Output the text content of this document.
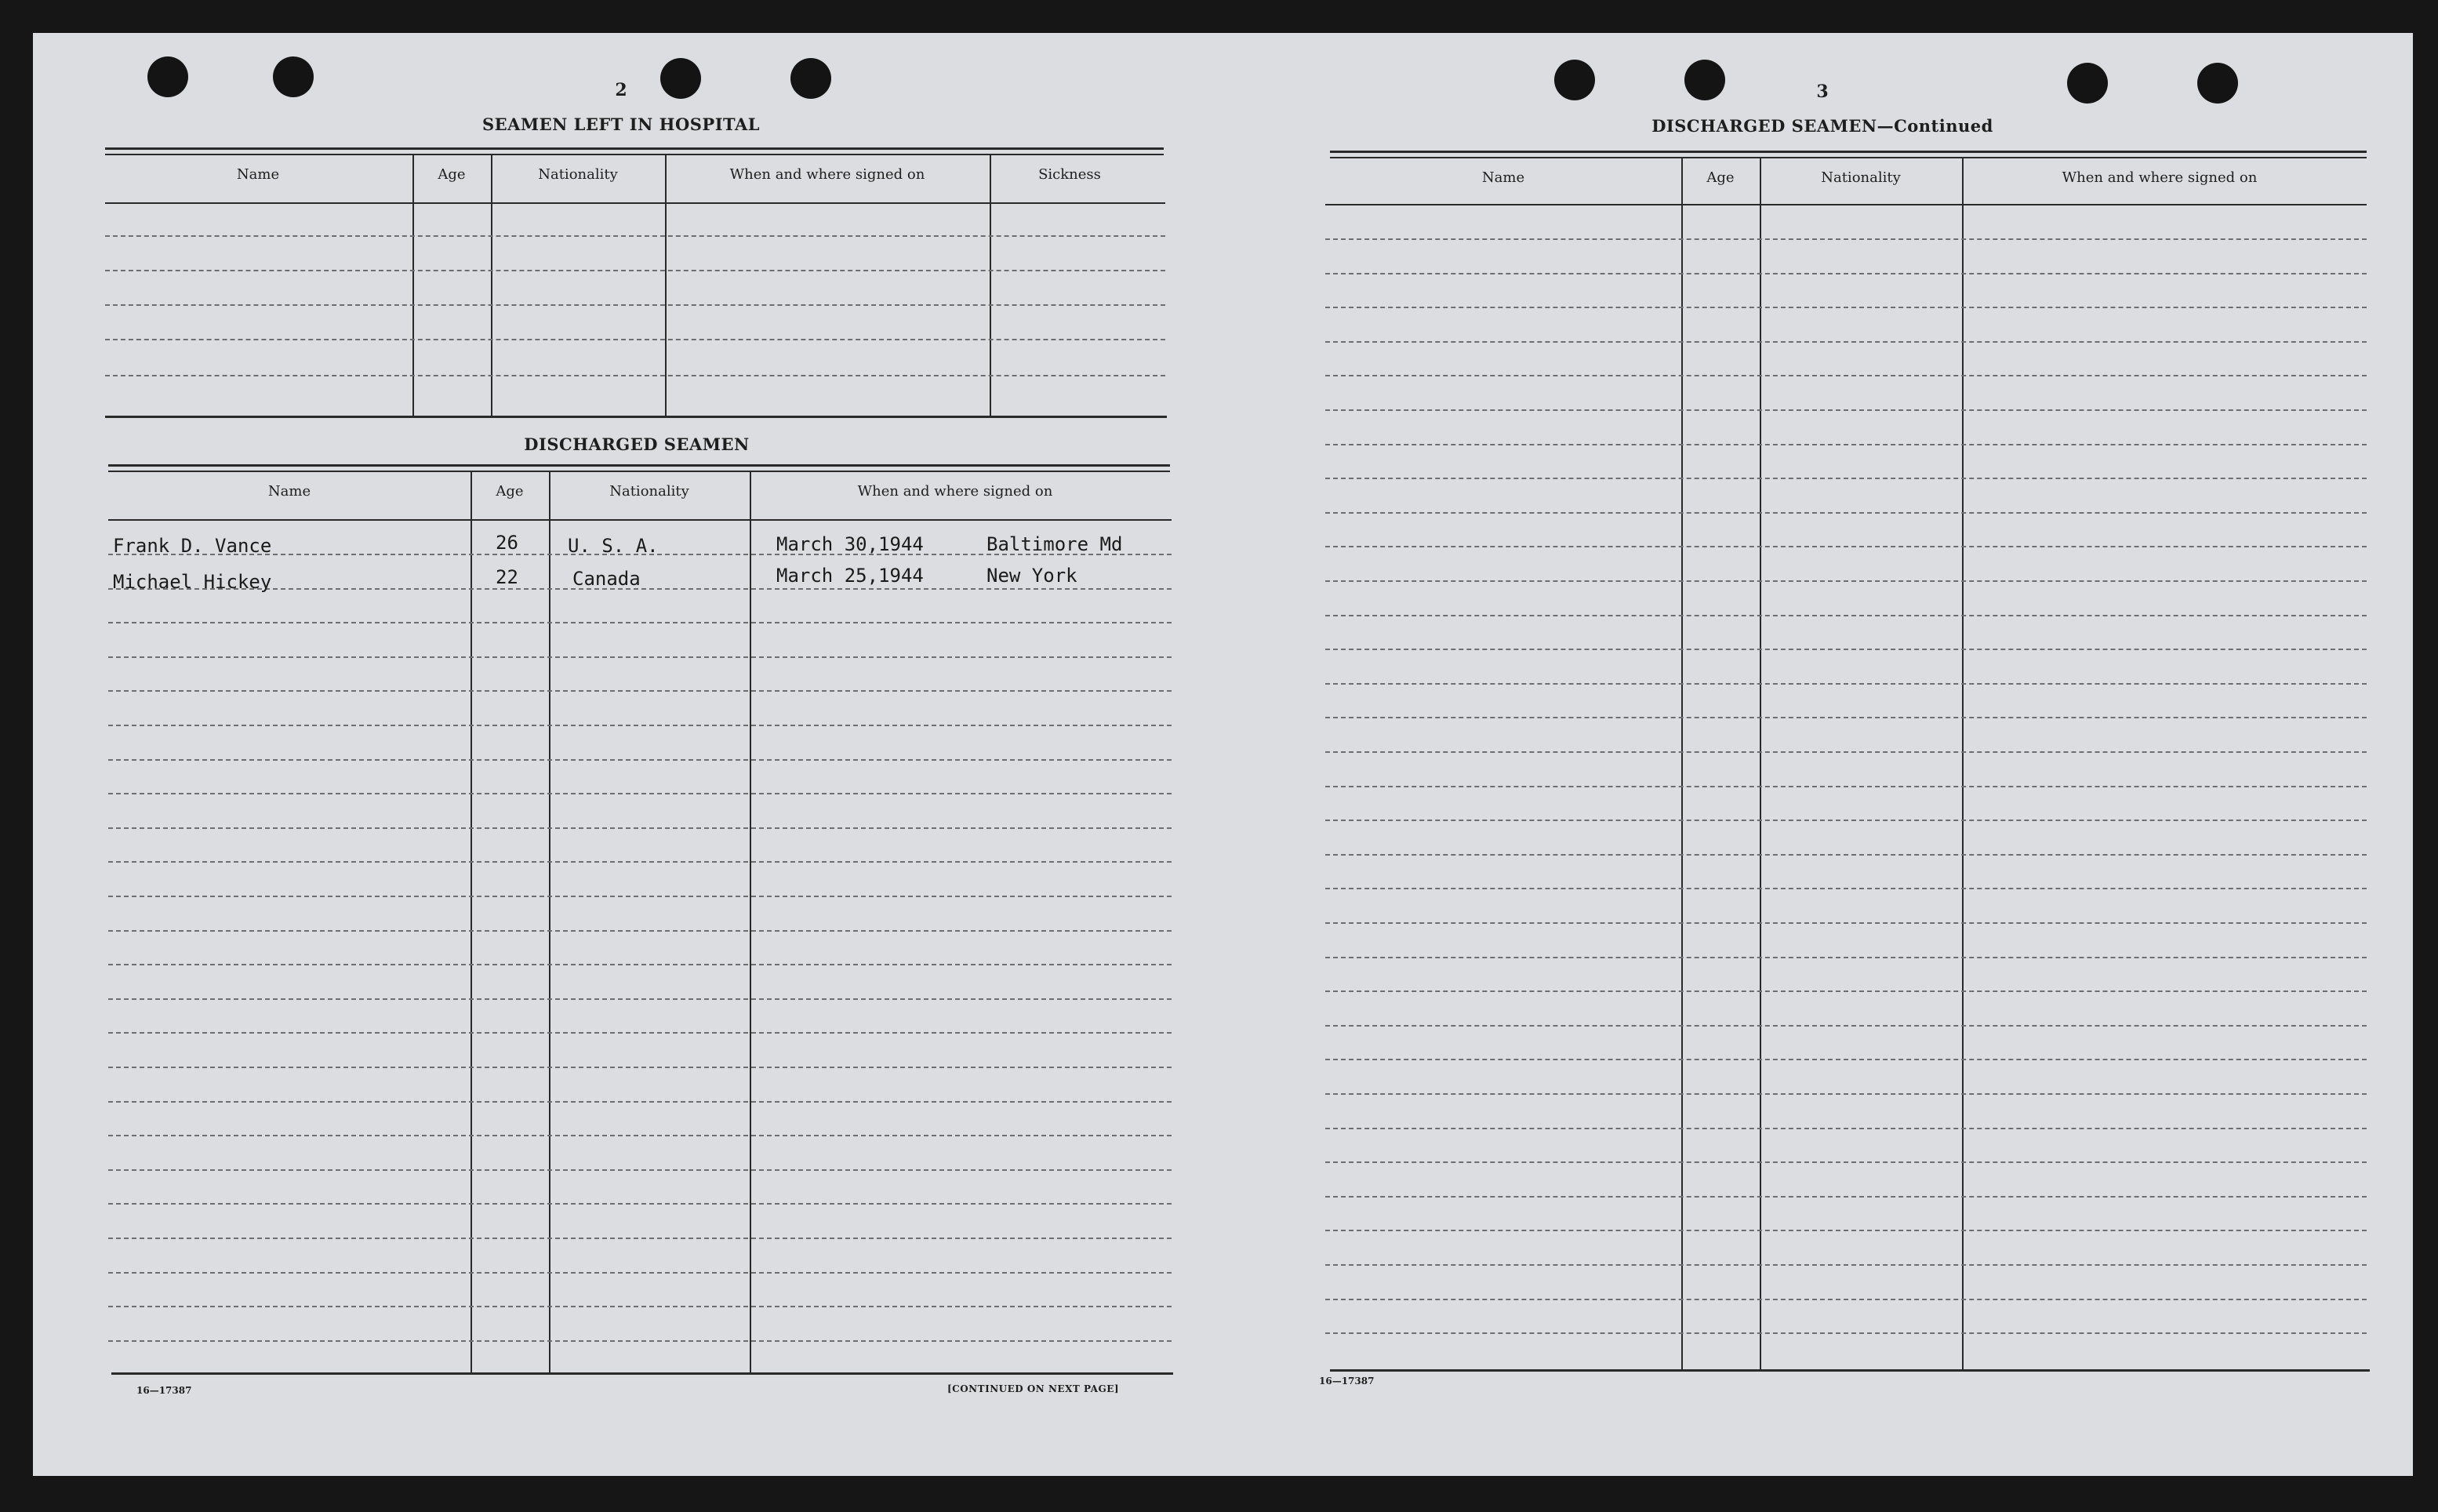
2
SEAMEN LEFT IN HOSPITAL
Name	Age	Nationality	When and where signed on	Sickness
DISCHARGED SEAMEN
Name	Age	Nationality	When and where signed on
Frank D. Vance	26	U. S. A.	March 30,1944	Baltimore Md
Michael Hickey	22	Canada	March 25,1944	New York
16—17387	[CONTINUED ON NEXT PAGE]
3
DISCHARGED SEAMEN—Continued
Name	Age	Nationality	When and where signed on
16—17387
